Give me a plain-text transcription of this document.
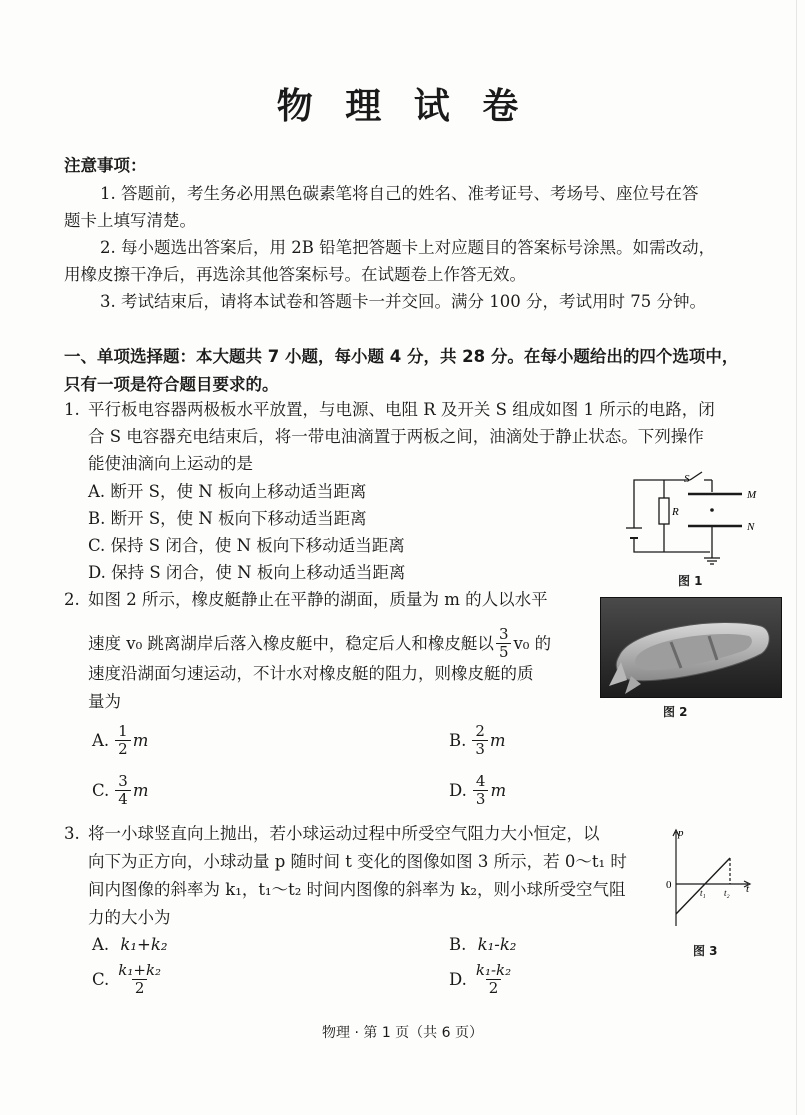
物 理 试 卷
注意事项：
1. 答题前，考生务必用黑色碳素笔将自己的姓名、准考证号、考场号、座位号在答
题卡上填写清楚。
2. 每小题选出答案后，用 2B 铅笔把答题卡上对应题目的答案标号涂黑。如需改动，
用橡皮擦干净后，再选涂其他答案标号。在试题卷上作答无效。
3. 考试结束后，请将本试卷和答题卡一并交回。满分 100 分，考试用时 75 分钟。
一、单项选择题：本大题共 7 小题，每小题 4 分，共 28 分。在每小题给出的四个选项中，
只有一项是符合题目要求的。
1. 平行板电容器两极板水平放置，与电源、电阻 R 及开关 S 组成如图 1 所示的电路，闭
合 S 电容器充电结束后，将一带电油滴置于两板之间，油滴处于静止状态。下列操作
能使油滴向上运动的是
A. 断开 S，使 N 板向上移动适当距离
B. 断开 S，使 N 板向下移动适当距离
C. 保持 S 闭合，使 N 板向下移动适当距离
D. 保持 S 闭合，使 N 板向上移动适当距离
S
R
M
N
图 1
2. 如图 2 所示，橡皮艇静止在平静的湖面，质量为 m 的人以水平
速度 v₀ 跳离湖岸后落入橡皮艇中，稳定后人和橡皮艇以 $\frac{3}{5} v_0$ 的
速度沿湖面匀速运动，不计水对橡皮艇的阻力，则橡皮艇的质
量为
A. $\frac{1}{2}$ m	B. $\frac{2}{3}$ m
C. $\frac{3}{4}$ m	D. $\frac{4}{3}$ m
图 2
3. 将一小球竖直向上抛出，若小球运动过程中所受空气阻力大小恒定，以
向下为正方向，小球动量 p 随时间 t 变化的图像如图 3 所示，若 0～t₁ 时
间内图像的斜率为 k₁，t₁～t₂ 时间内图像的斜率为 k₂，则小球所受空气阻
力的大小为
A. k₁+k₂	B. k₁-k₂
C. $\frac{\text{k₁+k₂}}{2}$	D. $\frac{\text{k₁-k₂}}{2}$
p
0
t₁ t₂ t
图 3
物理 · 第 1 页（共 6 页）
